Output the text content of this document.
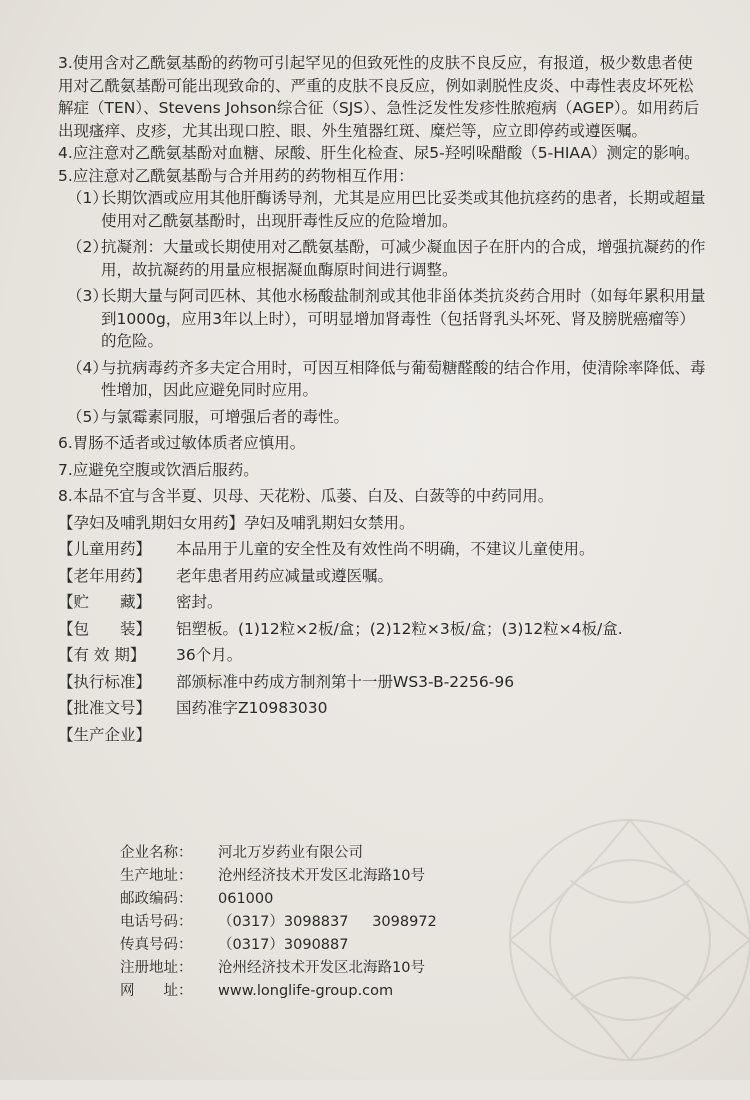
3.使用含对乙酰氨基酚的药物可引起罕见的但致死性的皮肤不良反应，有报道，极少数患者使用对乙酰氨基酚可能出现致命的、严重的皮肤不良反应，例如剥脱性皮炎、中毒性表皮坏死松解症（TEN）、Stevens Johson综合征（SJS）、急性泛发性发疹性脓疱病（AGEP）。如用药后出现瘙痒、皮疹，尤其出现口腔、眼、外生殖器红斑、糜烂等，应立即停药或遵医嘱。

4.应注意对乙酰氨基酚对血糖、尿酸、肝生化检查、尿5-羟吲哚醋酸（5-HIAA）测定的影响。

5.应注意对乙酰氨基酚与合并用药的药物相互作用：

（1）
长期饮酒或应用其他肝酶诱导剂，尤其是应用巴比妥类或其他抗痉药的患者，长期或超量使用对乙酰氨基酚时，出现肝毒性反应的危险增加。
（2）
抗凝剂：大量或长期使用对乙酰氨基酚，可减少凝血因子在肝内的合成，增强抗凝药的作用，故抗凝药的用量应根据凝血酶原时间进行调整。
（3）
长期大量与阿司匹林、其他水杨酸盐制剂或其他非甾体类抗炎药合用时（如每年累积用量到1000g，应用3年以上时），可明显增加肾毒性（包括肾乳头坏死、肾及膀胱癌瘤等）的危险。
（4）
与抗病毒药齐多夫定合用时，可因互相降低与葡萄糖醛酸的结合作用，使清除率降低、毒性增加，因此应避免同时应用。
（5）
与氯霉素同服，可增强后者的毒性。

6.胃肠不适者或过敏体质者应慎用。

7.应避免空腹或饮酒后服药。

8.本品不宜与含半夏、贝母、天花粉、瓜蒌、白及、白蔹等的中药同用。

【孕妇及哺乳期妇女用药】 孕妇及哺乳期妇女禁用。
【儿童用药】	本品用于儿童的安全性及有效性尚不明确，不建议儿童使用。
【老年用药】	老年患者用药应减量或遵医嘱。
【贮　　藏】	密封。
【包　　装】	铝塑板。(1)12粒×2板/盒；(2)12粒×3板/盒；(3)12粒×4板/盒.
【有 效 期】	36个月。
【执行标准】	部颁标准中药成方制剂第十一册WS3-B-2256-96
【批准文号】	国药准字Z10983030
【生产企业】
企业名称：	河北万岁药业有限公司
生产地址：	沧州经济技术开发区北海路10号
邮政编码：	061000
电话号码：	（0317）3098837　  3098972
传真号码：	（0317）3090887
注册地址：	沧州经济技术开发区北海路10号
网　　址：	www.longlife-group.com
